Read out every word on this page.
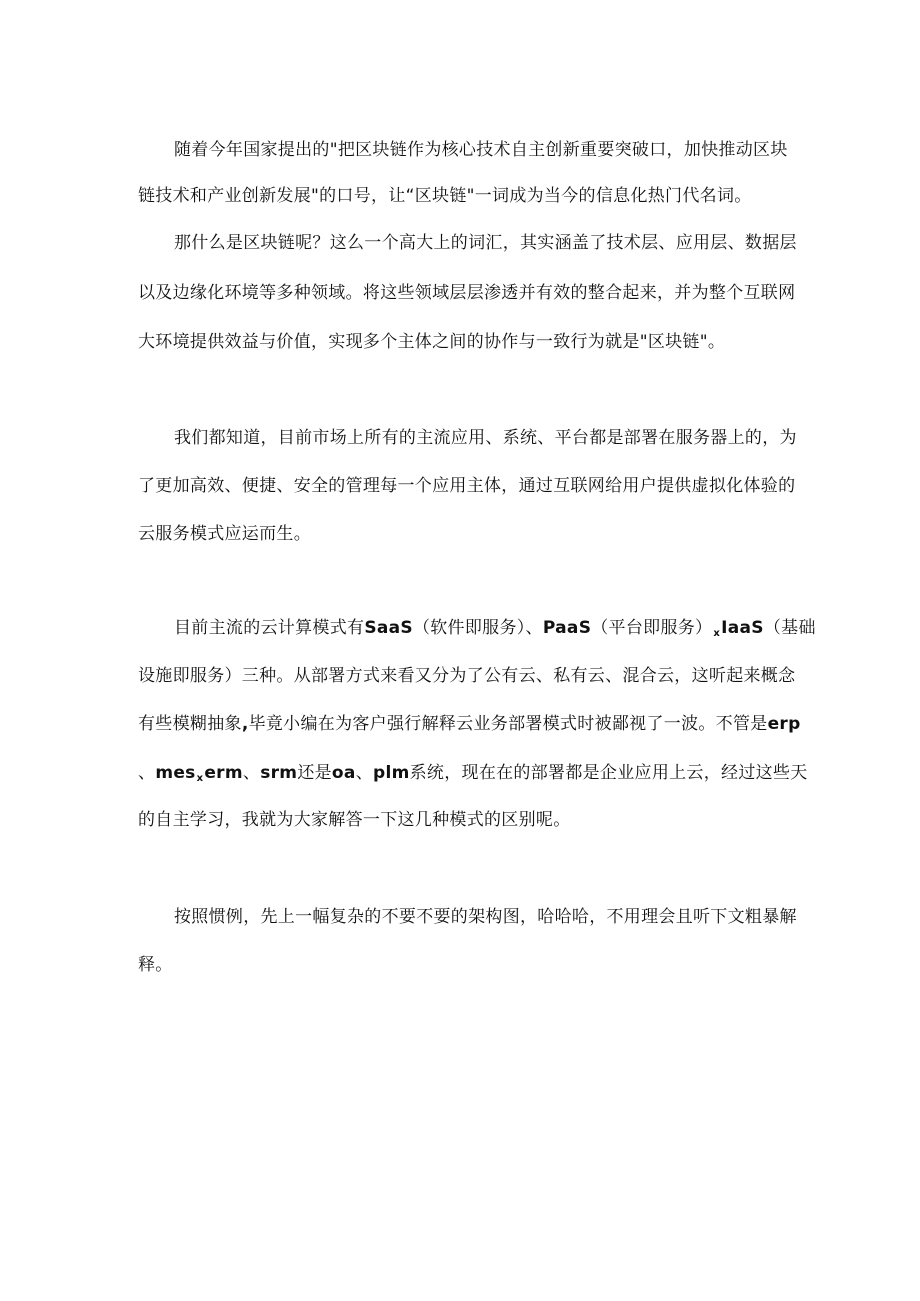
随着今年国家提出的"把区块链作为核心技术自主创新重要突破口，加快推动区块
链技术和产业创新发展"的口号，让“区块链"一词成为当今的信息化热门代名词。
那什么是区块链呢？这么一个高大上的词汇，其实涵盖了技术层、应用层、数据层
以及边缘化环境等多种领域。将这些领域层层渗透并有效的整合起来，并为整个互联网
大环境提供效益与价值，实现多个主体之间的协作与一致行为就是"区块链"。
我们都知道，目前市场上所有的主流应用、系统、平台都是部署在服务器上的，为
了更加高效、便捷、安全的管理每一个应用主体，通过互联网给用户提供虚拟化体验的
云服务模式应运而生。
目前主流的云计算模式有SaaS（软件即服务）、PaaS（平台即服务）$_xIaaS$（基础
设施即服务）三种。从部署方式来看又分为了公有云、私有云、混合云，这听起来概念
有些模糊抽象,毕竟小编在为客户强行解释云业务部署模式时被鄙视了一波。不管是erp
、mes$_x$erm、srm还是oa、plm系统，现在在的部署都是企业应用上云，经过这些天
的自主学习，我就为大家解答一下这几种模式的区别呢。
按照惯例，先上一幅复杂的不要不要的架构图，哈哈哈，不用理会且听下文粗暴解
释。
